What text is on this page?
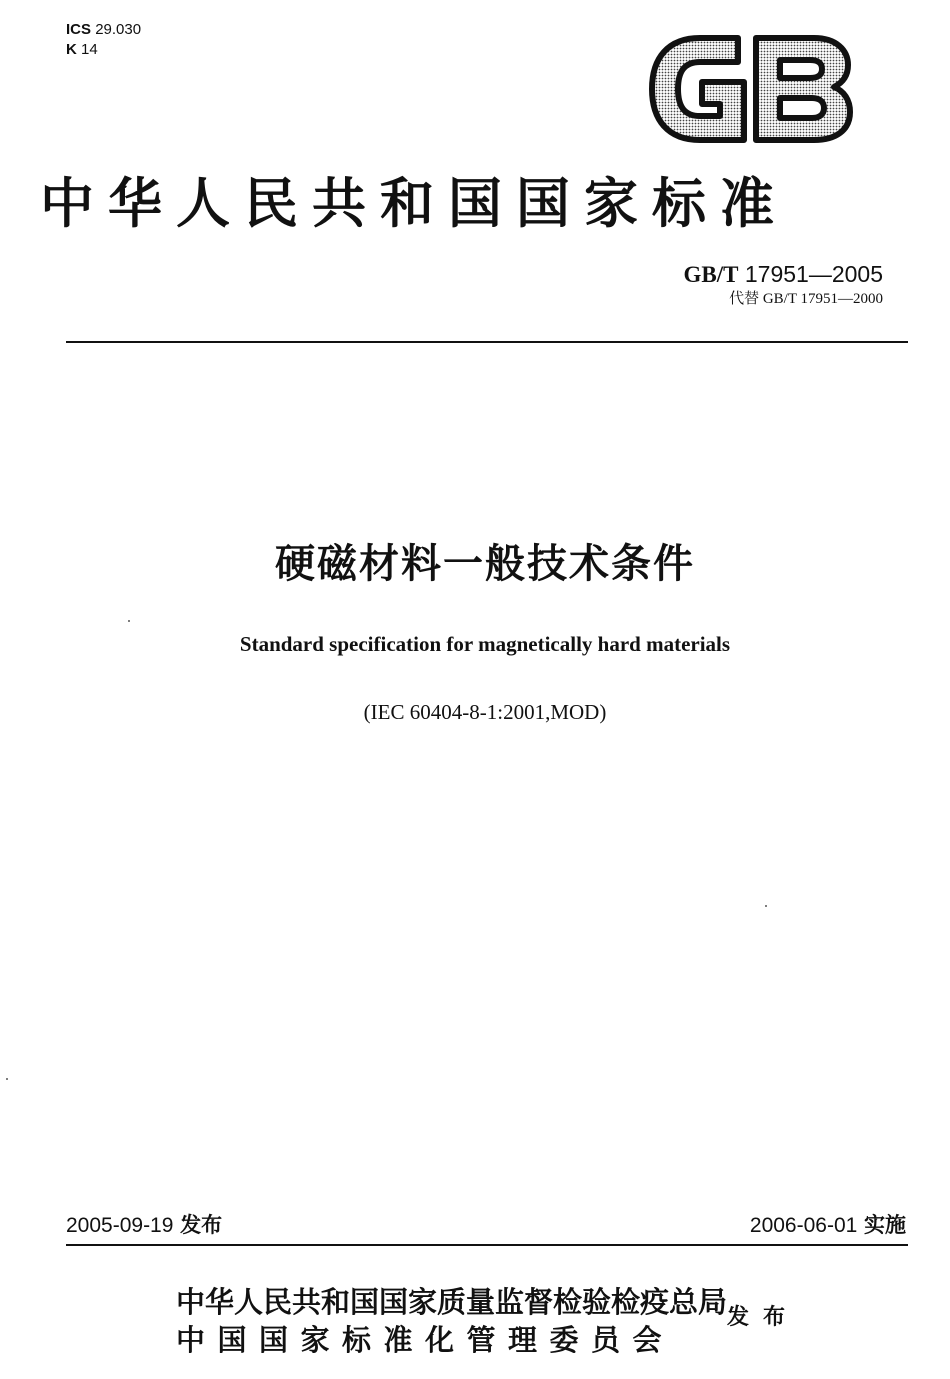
ICS 29.030
K 14
中华人民共和国国家标准
GB/T 17951—2005
代替 GB/T 17951—2000
硬磁材料一般技术条件
Standard specification for magnetically hard materials
(IEC 60404-8-1:2001,MOD)
2005-09-19 发布	2006-06-01 实施
中华人民共和国国家质量监督检验检疫总局
中国国家标准化管理委员会
发布
